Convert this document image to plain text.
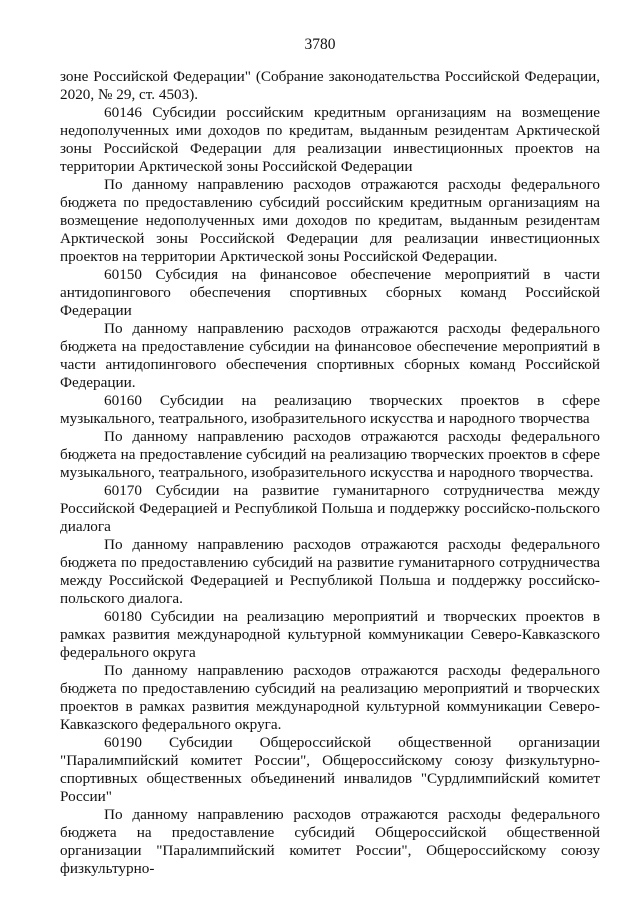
3780

зоне Российской Федерации" (Собрание законодательства Российской Федерации, 2020, № 29, ст. 4503).

60146 Субсидии российским кредитным организациям на возмещение недополученных ими доходов по кредитам, выданным резидентам Арктической зоны Российской Федерации для реализации инвестиционных проектов на территории Арктической зоны Российской Федерации

По данному направлению расходов отражаются расходы федерального бюджета по предоставлению субсидий российским кредитным организациям на возмещение недополученных ими доходов по кредитам, выданным резидентам Арктической зоны Российской Федерации для реализации инвестиционных проектов на территории Арктической зоны Российской Федерации.

60150 Субсидия на финансовое обеспечение мероприятий в части антидопингового обеспечения спортивных сборных команд Российской Федерации

По данному направлению расходов отражаются расходы федерального бюджета на предоставление субсидии на финансовое обеспечение мероприятий в части антидопингового обеспечения спортивных сборных команд Российской Федерации.

60160 Субсидии на реализацию творческих проектов в сфере музыкального, театрального, изобразительного искусства и народного творчества

По данному направлению расходов отражаются расходы федерального бюджета на предоставление субсидий на реализацию творческих проектов в сфере музыкального, театрального, изобразительного искусства и народного творчества.

60170 Субсидии на развитие гуманитарного сотрудничества между Российской Федерацией и Республикой Польша и поддержку российско-польского диалога

По данному направлению расходов отражаются расходы федерального бюджета по предоставлению субсидий на развитие гуманитарного сотрудничества между Российской Федерацией и Республикой Польша и поддержку российско-польского диалога.

60180 Субсидии на реализацию мероприятий и творческих проектов в рамках развития международной культурной коммуникации Северо-Кавказского федерального округа

По данному направлению расходов отражаются расходы федерального бюджета по предоставлению субсидий на реализацию мероприятий и творческих проектов в рамках развития международной культурной коммуникации Северо-Кавказского федерального округа.

60190 Субсидии Общероссийской общественной организации "Паралимпийский комитет России", Общероссийскому союзу физкультурно-спортивных общественных объединений инвалидов "Сурдлимпийский комитет России"

По данному направлению расходов отражаются расходы федерального бюджета на предоставление субсидий Общероссийской общественной организации "Паралимпийский комитет России", Общероссийскому союзу физкультурно-
